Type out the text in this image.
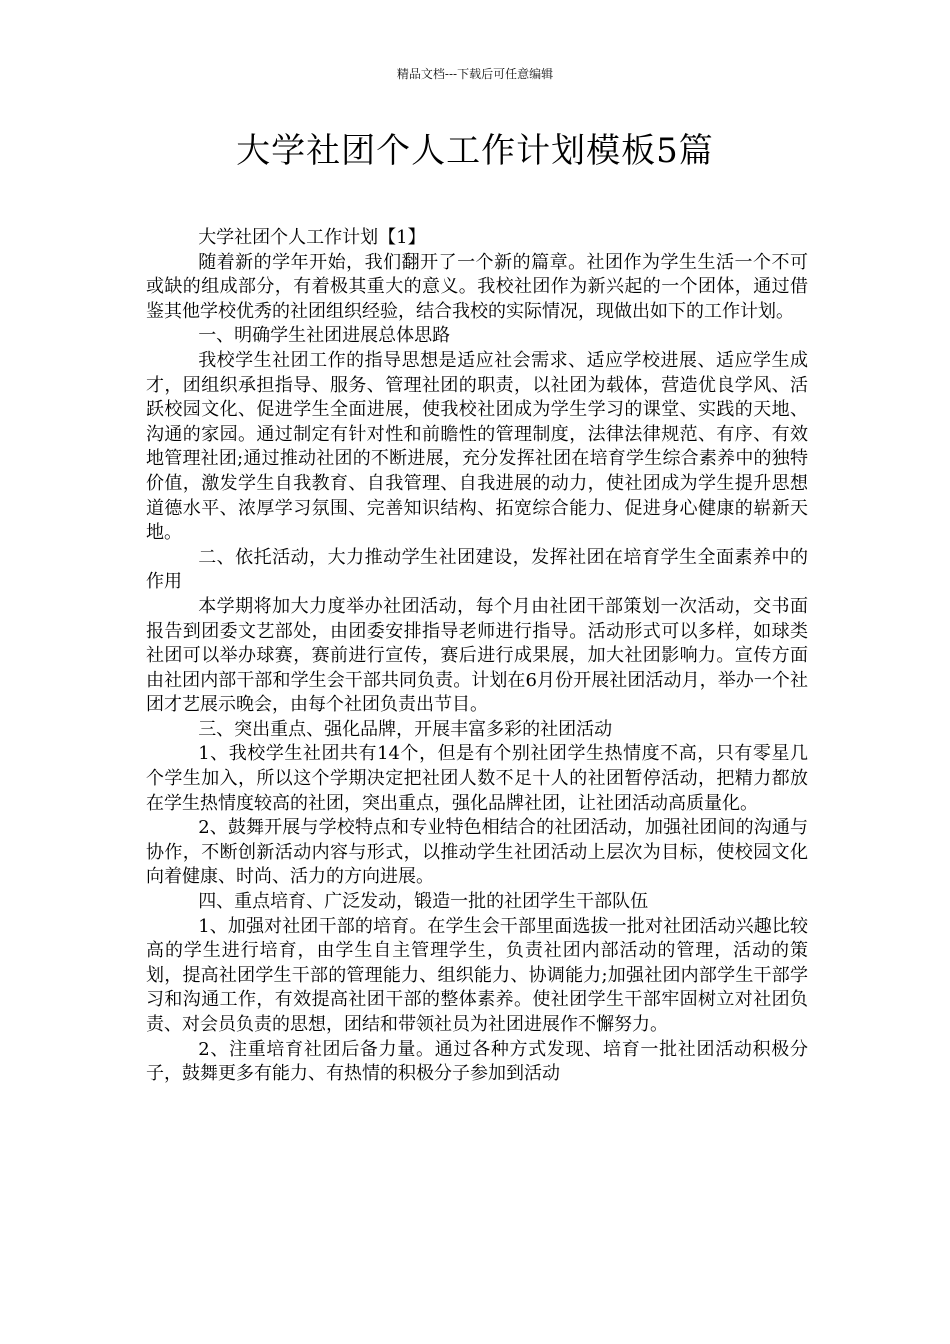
精品文档---下载后可任意编辑
大学社团个人工作计划模板5篇

大学社团个人工作计划【1】

随着新的学年开始，我们翻开了一个新的篇章。社团作为学生生活一个不可或缺的组成部分，有着极其重大的意义。我校社团作为新兴起的一个团体，通过借鉴其他学校优秀的社团组织经验，结合我校的实际情况，现做出如下的工作计划。

一、明确学生社团进展总体思路

我校学生社团工作的指导思想是适应社会需求、适应学校进展、适应学生成才，团组织承担指导、服务、管理社团的职责，以社团为载体，营造优良学风、活跃校园文化、促进学生全面进展，使我校社团成为学生学习的课堂、实践的天地、沟通的家园。通过制定有针对性和前瞻性的管理制度，法律法律规范、有序、有效地管理社团;通过推动社团的不断进展，充分发挥社团在培育学生综合素养中的独特价值，激发学生自我教育、自我管理、自我进展的动力，使社团成为学生提升思想道德水平、浓厚学习氛围、完善知识结构、拓宽综合能力、促进身心健康的崭新天地。

二、依托活动，大力推动学生社团建设，发挥社团在培育学生全面素养中的作用

本学期将加大力度举办社团活动，每个月由社团干部策划一次活动，交书面报告到团委文艺部处，由团委安排指导老师进行指导。活动形式可以多样，如球类社团可以举办球赛，赛前进行宣传，赛后进行成果展，加大社团影响力。宣传方面由社团内部干部和学生会干部共同负责。计划在6月份开展社团活动月，举办一个社团才艺展示晚会，由每个社团负责出节目。

三、突出重点、强化品牌，开展丰富多彩的社团活动

1、我校学生社团共有14个，但是有个别社团学生热情度不高，只有零星几个学生加入，所以这个学期决定把社团人数不足十人的社团暂停活动，把精力都放在学生热情度较高的社团，突出重点，强化品牌社团，让社团活动高质量化。

2、鼓舞开展与学校特点和专业特色相结合的社团活动，加强社团间的沟通与协作，不断创新活动内容与形式，以推动学生社团活动上层次为目标，使校园文化向着健康、时尚、活力的方向进展。

四、重点培育、广泛发动，锻造一批的社团学生干部队伍

1、加强对社团干部的培育。在学生会干部里面选拔一批对社团活动兴趣比较高的学生进行培育，由学生自主管理学生，负责社团内部活动的管理，活动的策划，提高社团学生干部的管理能力、组织能力、协调能力;加强社团内部学生干部学习和沟通工作，有效提高社团干部的整体素养。使社团学生干部牢固树立对社团负责、对会员负责的思想，团结和带领社员为社团进展作不懈努力。

2、注重培育社团后备力量。通过各种方式发现、培育一批社团活动积极分子，鼓舞更多有能力、有热情的积极分子参加到活动
